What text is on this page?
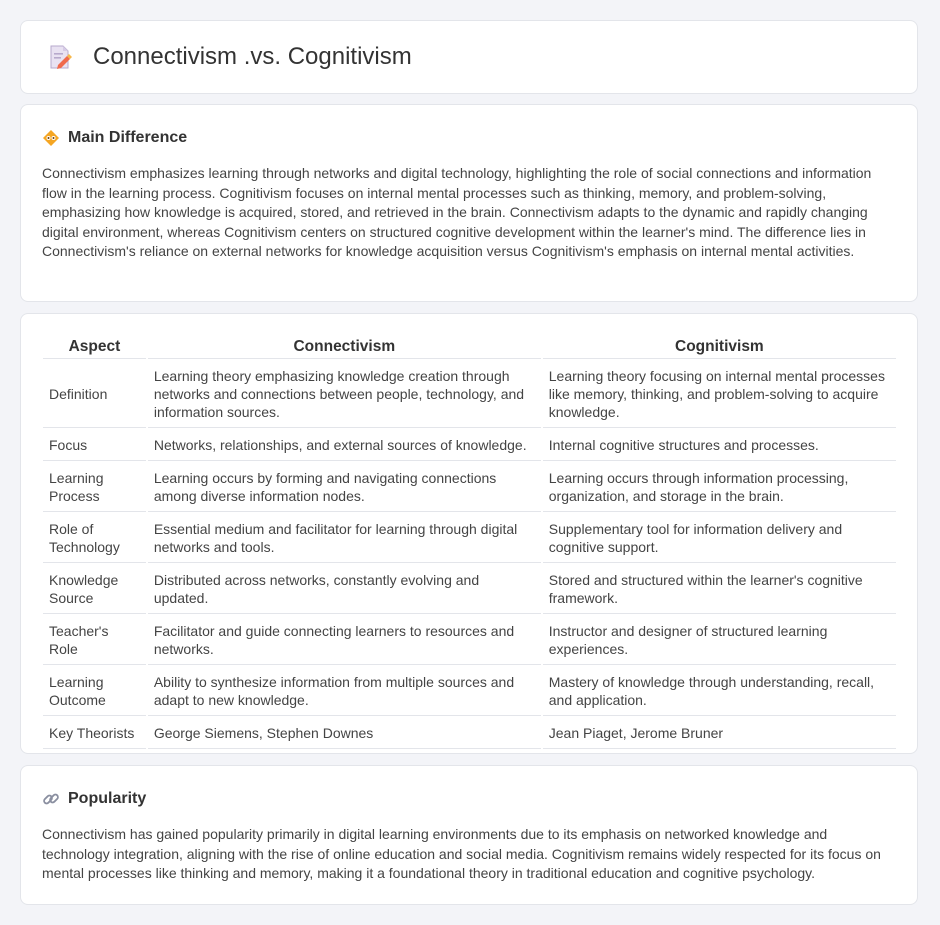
Connectivism .vs. Cognitivism
Main Difference

Connectivism emphasizes learning through networks and digital technology, highlighting the role of social connections and information flow in the learning process. Cognitivism focuses on internal mental processes such as thinking, memory, and problem-solving, emphasizing how knowledge is acquired, stored, and retrieved in the brain. Connectivism adapts to the dynamic and rapidly changing digital environment, whereas Cognitivism centers on structured cognitive development within the learner's mind. The difference lies in Connectivism's reliance on external networks for knowledge acquisition versus Cognitivism's emphasis on internal mental activities.

Aspect	Connectivism	Cognitivism
Definition	Learning theory emphasizing knowledge creation through networks and connections between people, technology, and information sources.	Learning theory focusing on internal mental processes like memory, thinking, and problem-solving to acquire knowledge.
Focus	Networks, relationships, and external sources of knowledge.	Internal cognitive structures and processes.
Learning Process	Learning occurs by forming and navigating connections among diverse information nodes.	Learning occurs through information processing, organization, and storage in the brain.
Role of Technology	Essential medium and facilitator for learning through digital networks and tools.	Supplementary tool for information delivery and cognitive support.
Knowledge Source	Distributed across networks, constantly evolving and updated.	Stored and structured within the learner's cognitive framework.
Teacher's Role	Facilitator and guide connecting learners to resources and networks.	Instructor and designer of structured learning experiences.
Learning Outcome	Ability to synthesize information from multiple sources and adapt to new knowledge.	Mastery of knowledge through understanding, recall, and application.
Key Theorists	George Siemens, Stephen Downes	Jean Piaget, Jerome Bruner
Popularity

Connectivism has gained popularity primarily in digital learning environments due to its emphasis on networked knowledge and technology integration, aligning with the rise of online education and social media. Cognitivism remains widely respected for its focus on mental processes like thinking and memory, making it a foundational theory in traditional education and cognitive psychology.
